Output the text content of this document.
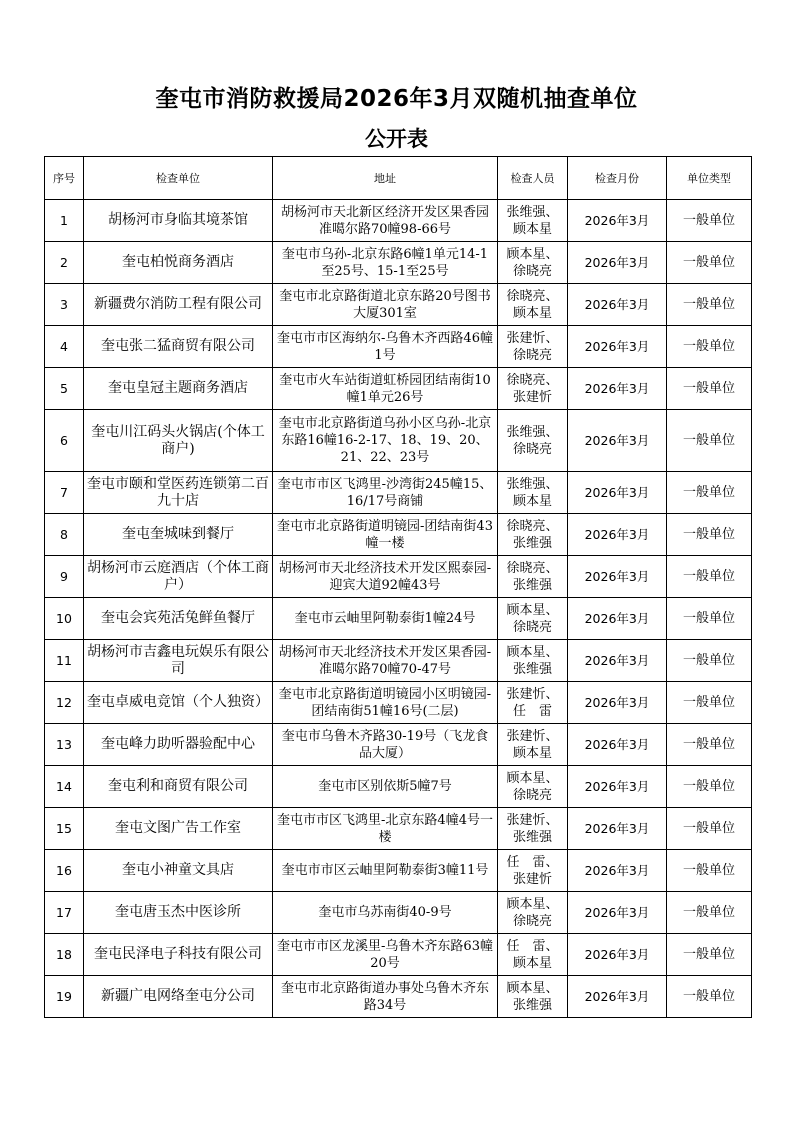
奎屯市消防救援局2026年3月双随机抽查单位
公开表
序号	检查单位	地址	检查人员	检查月份	单位类型
1	胡杨河市身临其境茶馆	胡杨河市天北新区经济开发区果香园准噶尔路70幢98-66号	张维强、顾本星	2026年3月	一般单位
2	奎屯柏悦商务酒店	奎屯市乌孙-北京东路6幢1单元14-1至25号、15-1至25号	顾本星、徐晓亮	2026年3月	一般单位
3	新疆费尔消防工程有限公司	奎屯市北京路街道北京东路20号图书大厦301室	徐晓亮、顾本星	2026年3月	一般单位
4	奎屯张二猛商贸有限公司	奎屯市市区海纳尔-乌鲁木齐西路46幢1号	张建忻、徐晓亮	2026年3月	一般单位
5	奎屯皇冠主题商务酒店	奎屯市火车站街道虹桥园团结南街10幢1单元26号	徐晓亮、张建忻	2026年3月	一般单位
6	奎屯川江码头火锅店(个体工商户)	奎屯市北京路街道乌孙小区乌孙-北京东路16幢16-2-17、18、19、20、21、22、23号	张维强、徐晓亮	2026年3月	一般单位
7	奎屯市颐和堂医药连锁第二百九十店	奎屯市市区飞鸿里-沙湾街245幢15、16/17号商铺	张维强、顾本星	2026年3月	一般单位
8	奎屯奎城味到餐厅	奎屯市北京路街道明镜园-团结南街43幢一楼	徐晓亮、张维强	2026年3月	一般单位
9	胡杨河市云庭酒店（个体工商户）	胡杨河市天北经济技术开发区熙泰园-迎宾大道92幢43号	徐晓亮、张维强	2026年3月	一般单位
10	奎屯会宾苑活兔鲜鱼餐厅	奎屯市云岫里阿勒泰街1幢24号	顾本星、徐晓亮	2026年3月	一般单位
11	胡杨河市吉鑫电玩娱乐有限公司	胡杨河市天北经济技术开发区果香园-准噶尔路70幢70-47号	顾本星、张维强	2026年3月	一般单位
12	奎屯卓威电竞馆（个人独资）	奎屯市北京路街道明镜园小区明镜园-团结南街51幢16号(二层)	张建忻、任　雷	2026年3月	一般单位
13	奎屯峰力助听器验配中心	奎屯市乌鲁木齐路30-19号（飞龙食品大厦）	张建忻、顾本星	2026年3月	一般单位
14	奎屯利和商贸有限公司	奎屯市区别依斯5幢7号	顾本星、徐晓亮	2026年3月	一般单位
15	奎屯文图广告工作室	奎屯市市区飞鸿里-北京东路4幢4号一楼	张建忻、张维强	2026年3月	一般单位
16	奎屯小神童文具店	奎屯市市区云岫里阿勒泰街3幢11号	任　雷、张建忻	2026年3月	一般单位
17	奎屯唐玉杰中医诊所	奎屯市乌苏南街40-9号	顾本星、徐晓亮	2026年3月	一般单位
18	奎屯民泽电子科技有限公司	奎屯市市区龙溪里-乌鲁木齐东路63幢20号	任　雷、顾本星	2026年3月	一般单位
19	新疆广电网络奎屯分公司	奎屯市北京路街道办事处乌鲁木齐东路34号	顾本星、张维强	2026年3月	一般单位
